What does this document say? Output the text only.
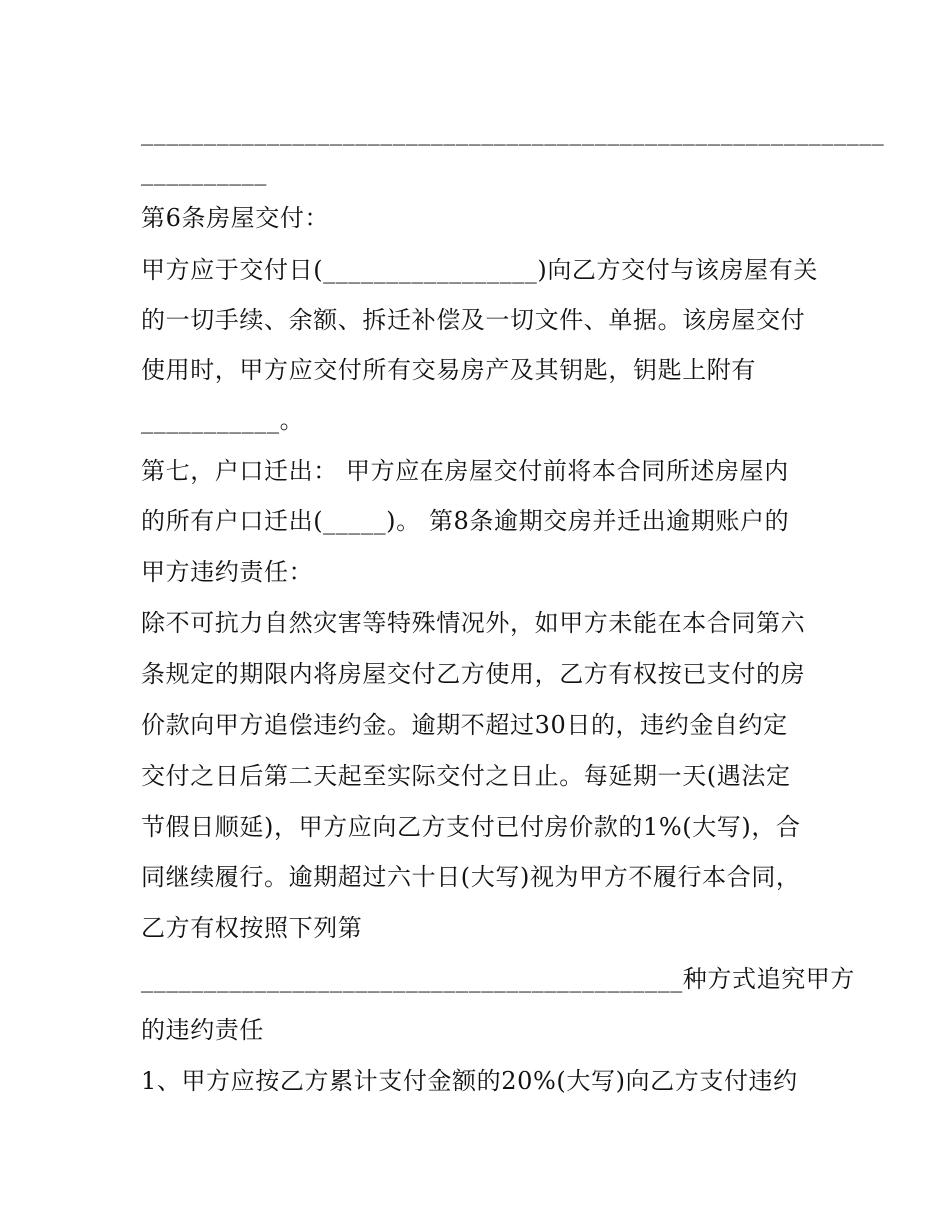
___________________________________________________________
__________
第6条房屋交付：
甲方应于交付日(_________________)向乙方交付与该房屋有关
的一切手续、余额、拆迁补偿及一切文件、单据。该房屋交付
使用时，甲方应交付所有交易房产及其钥匙，钥匙上附有
___________。
第七，户口迁出： 甲方应在房屋交付前将本合同所述房屋内
的所有户口迁出(_____)。 第8条逾期交房并迁出逾期账户的
甲方违约责任：
除不可抗力自然灾害等特殊情况外，如甲方未能在本合同第六
条规定的期限内将房屋交付乙方使用，乙方有权按已支付的房
价款向甲方追偿违约金。逾期不超过30日的，违约金自约定
交付之日后第二天起至实际交付之日止。每延期一天(遇法定
节假日顺延)，甲方应向乙方支付已付房价款的1%(大写)，合
同继续履行。逾期超过六十日(大写)视为甲方不履行本合同，
乙方有权按照下列第
___________________________________________种方式追究甲方
的违约责任
1、甲方应按乙方累计支付金额的20%(大写)向乙方支付违约
